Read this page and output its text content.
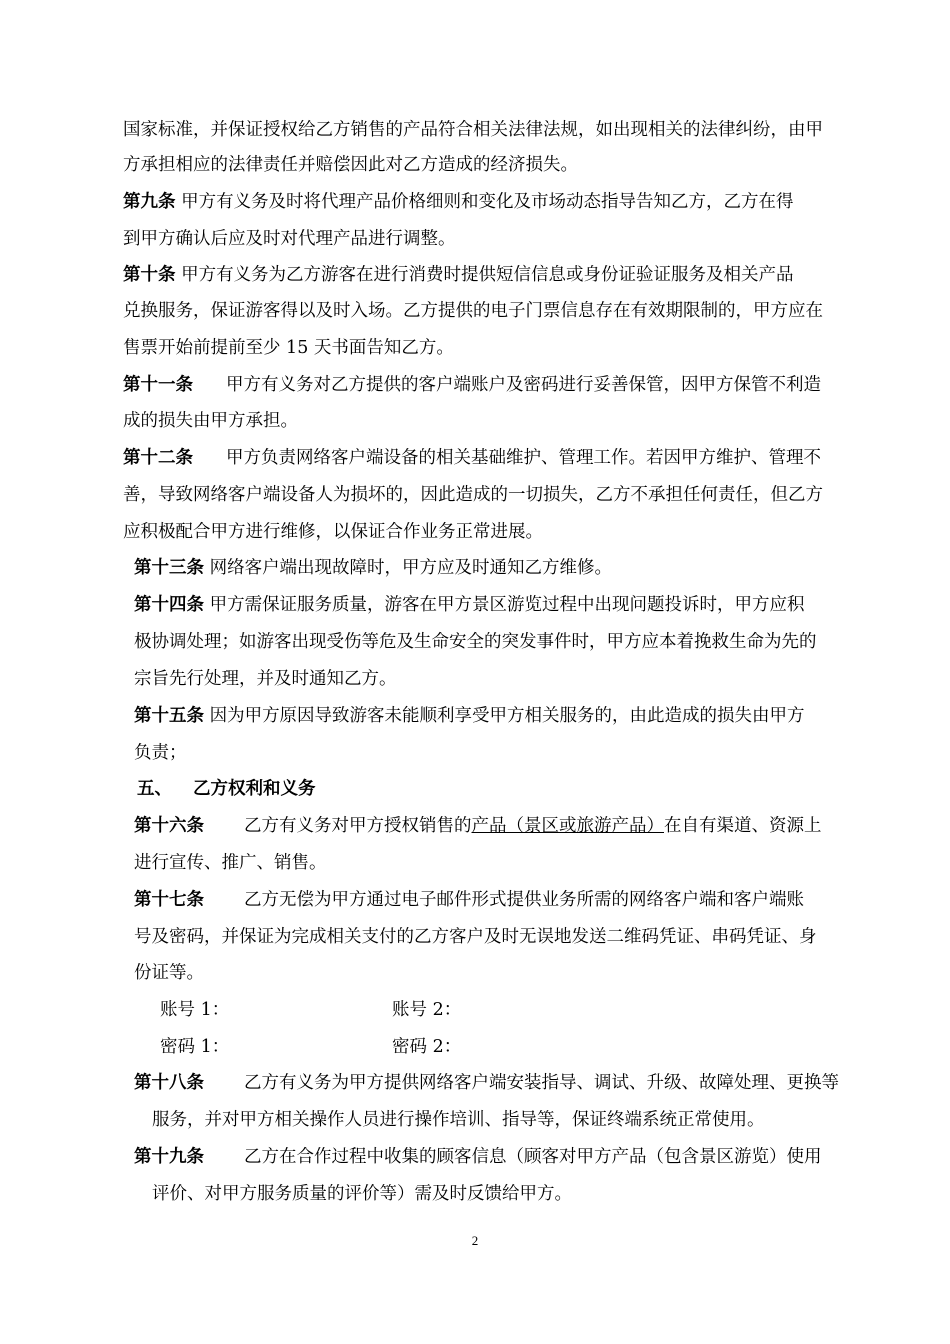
国家标准，并保证授权给乙方销售的产品符合相关法律法规，如出现相关的法律纠纷，由甲
方承担相应的法律责任并赔偿因此对乙方造成的经济损失。
第九条 甲方有义务及时将代理产品价格细则和变化及市场动态指导告知乙方，乙方在得
到甲方确认后应及时对代理产品进行调整。
第十条 甲方有义务为乙方游客在进行消费时提供短信信息或身份证验证服务及相关产品
兑换服务，保证游客得以及时入场。乙方提供的电子门票信息存在有效期限制的，甲方应在
售票开始前提前至少 15 天书面告知乙方。
第十一条 甲方有义务对乙方提供的客户端账户及密码进行妥善保管，因甲方保管不利造
成的损失由甲方承担。
第十二条 甲方负责网络客户端设备的相关基础维护、管理工作。若因甲方维护、管理不
善，导致网络客户端设备人为损坏的，因此造成的一切损失，乙方不承担任何责任，但乙方
应积极配合甲方进行维修，以保证合作业务正常进展。
第十三条 网络客户端出现故障时，甲方应及时通知乙方维修。
第十四条 甲方需保证服务质量，游客在甲方景区游览过程中出现问题投诉时，甲方应积
极协调处理；如游客出现受伤等危及生命安全的突发事件时，甲方应本着挽救生命为先的
宗旨先行处理，并及时通知乙方。
第十五条 因为甲方原因导致游客未能顺利享受甲方相关服务的，由此造成的损失由甲方
负责；
五、 乙方权利和义务
第十六条 乙方有义务对甲方授权销售的产品（景区或旅游产品）在自有渠道、资源上
进行宣传、推广、销售。
第十七条 乙方无偿为甲方通过电子邮件形式提供业务所需的网络客户端和客户端账
号及密码，并保证为完成相关支付的乙方客户及时无误地发送二维码凭证、串码凭证、身
份证等。
账号 1：	账号 2：
密码 1：	密码 2：
第十八条 乙方有义务为甲方提供网络客户端安装指导、调试、升级、故障处理、更换等
服务，并对甲方相关操作人员进行操作培训、指导等，保证终端系统正常使用。
第十九条 乙方在合作过程中收集的顾客信息（顾客对甲方产品（包含景区游览）使用
评价、对甲方服务质量的评价等）需及时反馈给甲方。
2
